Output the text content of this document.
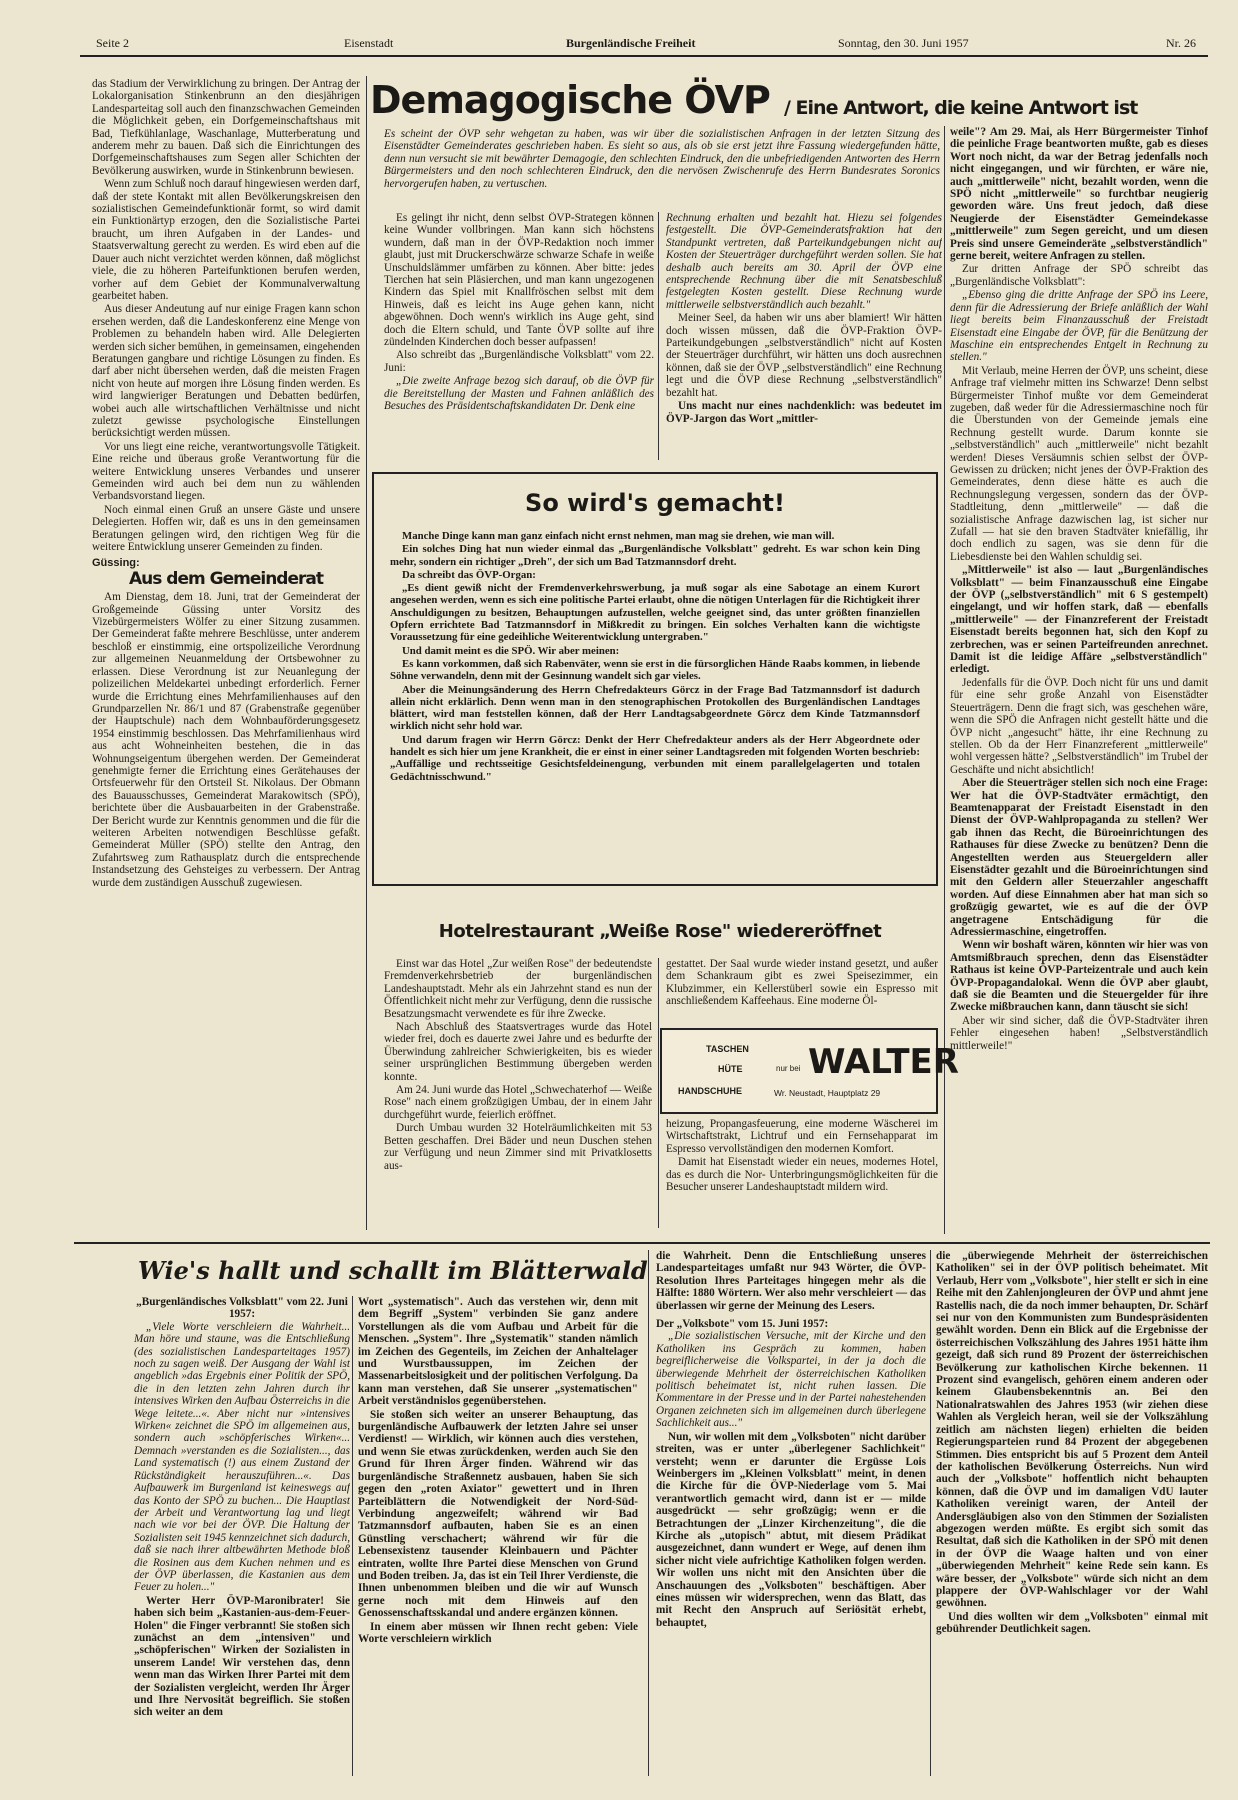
Seite 2	Eisenstadt	Burgenländische Freiheit	Sonntag, den 30. Juni 1957	Nr. 26

das Stadium der Verwirklichung zu bringen. Der Antrag der Lokalorganisation Stinkenbrunn an den diesjährigen Landesparteitag soll auch den finanzschwachen Gemeinden die Möglichkeit geben, ein Dorfgemeinschaftshaus mit Bad, Tiefkühlanlage, Waschanlage, Mutterberatung und anderem mehr zu bauen. Daß sich die Einrichtungen des Dorfgemeinschaftshauses zum Segen aller Schichten der Bevölkerung auswirken, wurde in Stinkenbrunn bewiesen.

Wenn zum Schluß noch darauf hingewiesen werden darf, daß der stete Kontakt mit allen Bevölkerungskreisen den sozialistischen Gemeindefunktionär formt, so wird damit ein Funktionärtyp erzogen, den die Sozialistische Partei braucht, um ihren Aufgaben in der Landes- und Staatsverwaltung gerecht zu werden. Es wird eben auf die Dauer auch nicht verzichtet werden können, daß möglichst viele, die zu höheren Parteifunktionen berufen werden, vorher auf dem Gebiet der Kommunalverwaltung gearbeitet haben.

Aus dieser Andeutung auf nur einige Fragen kann schon ersehen werden, daß die Landeskonferenz eine Menge von Problemen zu behandeln haben wird. Alle Delegierten werden sich sicher bemühen, in gemeinsamen, eingehenden Beratungen gangbare und richtige Lösungen zu finden. Es darf aber nicht übersehen werden, daß die meisten Fragen nicht von heute auf morgen ihre Lösung finden werden. Es wird langwieriger Beratungen und Debatten bedürfen, wobei auch alle wirtschaftlichen Verhältnisse und nicht zuletzt gewisse psychologische Einstellungen berücksichtigt werden müssen.

Vor uns liegt eine reiche, verantwortungsvolle Tätigkeit. Eine reiche und überaus große Verantwortung für die weitere Entwicklung unseres Verbandes und unserer Gemeinden wird auch bei dem nun zu wählenden Verbandsvorstand liegen.

Noch einmal einen Gruß an unsere Gäste und unsere Delegierten. Hoffen wir, daß es uns in den gemeinsamen Beratungen gelingen wird, den richtigen Weg für die weitere Entwicklung unserer Gemeinden zu finden.

Güssing:
Aus dem Gemeinderat

Am Dienstag, dem 18. Juni, trat der Gemeinderat der Großgemeinde Güssing unter Vorsitz des Vizebürgermeisters Wölfer zu einer Sitzung zusammen. Der Gemeinderat faßte mehrere Beschlüsse, unter anderem beschloß er einstimmig, eine ortspolizeiliche Verordnung zur allgemeinen Neuanmeldung der Ortsbewohner zu erlassen. Diese Verordnung ist zur Neuanlegung der polizeilichen Meldekartei unbedingt erforderlich. Ferner wurde die Errichtung eines Mehrfamilienhauses auf den Grundparzellen Nr. 86/1 und 87 (Grabenstraße gegenüber der Hauptschule) nach dem Wohnbauförderungsgesetz 1954 einstimmig beschlossen. Das Mehrfamilienhaus wird aus acht Wohneinheiten bestehen, die in das Wohnungseigentum übergehen werden. Der Gemeinderat genehmigte ferner die Errichtung eines Gerätehauses der Ortsfeuerwehr für den Ortsteil St. Nikolaus. Der Obmann des Bauausschusses, Gemeinderat Marakowitsch (SPÖ), berichtete über die Ausbauarbeiten in der Grabenstraße. Der Bericht wurde zur Kenntnis genommen und die für die weiteren Arbeiten notwendigen Beschlüsse gefaßt. Gemeinderat Müller (SPÖ) stellte den Antrag, den Zufahrtsweg zum Rathausplatz durch die entsprechende Instandsetzung des Gehsteiges zu verbessern. Der Antrag wurde dem zuständigen Ausschuß zugewiesen.

Demagogische ÖVP / Eine Antwort, die keine Antwort ist
Es scheint der ÖVP sehr wehgetan zu haben, was wir über die sozialistischen Anfragen in der letzten Sitzung des Eisenstädter Gemeinderates geschrieben haben. Es sieht so aus, als ob sie erst jetzt ihre Fassung wiedergefunden hätte, denn nun versucht sie mit bewährter Demagogie, den schlechten Eindruck, den die unbefriedigenden Antworten des Herrn Bürgermeisters und den noch schlechteren Eindruck, den die nervösen Zwischenrufe des Herrn Bundesrates Soronics hervorgerufen haben, zu vertuschen.

Es gelingt ihr nicht, denn selbst ÖVP-Strategen können keine Wunder vollbringen. Man kann sich höchstens wundern, daß man in der ÖVP-Redaktion noch immer glaubt, just mit Druckerschwärze schwarze Schafe in weiße Unschuldslämmer umfärben zu können. Aber bitte: jedes Tierchen hat sein Pläsierchen, und man kann ungezogenen Kindern das Spiel mit Knallfröschen selbst mit dem Hinweis, daß es leicht ins Auge gehen kann, nicht abgewöhnen. Doch wenn's wirklich ins Auge geht, sind doch die Eltern schuld, und Tante ÖVP sollte auf ihre zündelnden Kinderchen doch besser aufpassen!

Also schreibt das „Burgenländische Volksblatt" vom 22. Juni:

„Die zweite Anfrage bezog sich darauf, ob die ÖVP für die Bereitstellung der Masten und Fahnen anläßlich des Besuches des Präsidentschaftskandidaten Dr. Denk eine

Rechnung erhalten und bezahlt hat. Hiezu sei folgendes festgestellt. Die ÖVP-Gemeinderatsfraktion hat den Standpunkt vertreten, daß Parteikundgebungen nicht auf Kosten der Steuerträger durchgeführt werden sollen. Sie hat deshalb auch bereits am 30. April der ÖVP eine entsprechende Rechnung über die mit Senatsbeschluß festgelegten Kosten gestellt. Diese Rechnung wurde mittlerweile selbstverständlich auch bezahlt."

Meiner Seel, da haben wir uns aber blamiert! Wir hätten doch wissen müssen, daß die ÖVP-Fraktion ÖVP-Parteikundgebungen „selbstverständlich" nicht auf Kosten der Steuerträger durchführt, wir hätten uns doch ausrechnen können, daß sie der ÖVP „selbstverständlich" eine Rechnung legt und die ÖVP diese Rechnung „selbstverständlich" bezahlt hat.

Uns macht nur eines nachdenklich: was bedeutet im ÖVP-Jargon das Wort „mittler-

weile"? Am 29. Mai, als Herr Bürgermeister Tinhof die peinliche Frage beantworten mußte, gab es dieses Wort noch nicht, da war der Betrag jedenfalls noch nicht eingegangen, und wir fürchten, er wäre nie, auch „mittlerweile" nicht, bezahlt worden, wenn die SPÖ nicht „mittlerweile" so furchtbar neugierig geworden wäre. Uns freut jedoch, daß diese Neugierde der Eisenstädter Gemeindekasse „mittlerweile" zum Segen gereicht, und um diesen Preis sind unsere Gemeinderäte „selbstverständlich" gerne bereit, weitere Anfragen zu stellen.

Zur dritten Anfrage der SPÖ schreibt das „Burgenländische Volksblatt":

„Ebenso ging die dritte Anfrage der SPÖ ins Leere, denn für die Adressierung der Briefe anläßlich der Wahl liegt bereits beim Finanzausschuß der Freistadt Eisenstadt eine Eingabe der ÖVP, für die Benützung der Maschine ein entsprechendes Entgelt in Rechnung zu stellen."

Mit Verlaub, meine Herren der ÖVP, uns scheint, diese Anfrage traf vielmehr mitten ins Schwarze! Denn selbst Bürgermeister Tinhof mußte vor dem Gemeinderat zugeben, daß weder für die Adressiermaschine noch für die Überstunden von der Gemeinde jemals eine Rechnung gestellt wurde. Darum konnte sie „selbstverständlich" auch „mittlerweile" nicht bezahlt werden! Dieses Versäumnis schien selbst der ÖVP-Gewissen zu drücken; nicht jenes der ÖVP-Fraktion des Gemeinderates, denn diese hätte es auch die Rechnungslegung vergessen, sondern das der ÖVP-Stadtleitung, denn „mittlerweile" — daß die sozialistische Anfrage dazwischen lag, ist sicher nur Zufall — hat sie den braven Stadtväter kniefällig, ihr doch endlich zu sagen, was sie denn für die Liebesdienste bei den Wahlen schuldig sei.

„Mittlerweile" ist also — laut „Burgenländisches Volksblatt" — beim Finanzausschuß eine Eingabe der ÖVP („selbstverständlich" mit 6 S gestempelt) eingelangt, und wir hoffen stark, daß — ebenfalls „mittlerweile" — der Finanzreferent der Freistadt Eisenstadt bereits begonnen hat, sich den Kopf zu zerbrechen, was er seinen Parteifreunden anrechnet. Damit ist die leidige Affäre „selbstverständlich" erledigt.

Jedenfalls für die ÖVP. Doch nicht für uns und damit für eine sehr große Anzahl von Eisenstädter Steuerträgern. Denn die fragt sich, was geschehen wäre, wenn die SPÖ die Anfragen nicht gestellt hätte und die ÖVP nicht „angesucht" hätte, ihr eine Rechnung zu stellen. Ob da der Herr Finanzreferent „mittlerweile" wohl vergessen hätte? „Selbstverständlich" im Trubel der Geschäfte und nicht absichtlich!

Aber die Steuerträger stellen sich noch eine Frage: Wer hat die ÖVP-Stadtväter ermächtigt, den Beamtenapparat der Freistadt Eisenstadt in den Dienst der ÖVP-Wahlpropaganda zu stellen? Wer gab ihnen das Recht, die Büroeinrichtungen des Rathauses für diese Zwecke zu benützen? Denn die Angestellten werden aus Steuergeldern aller Eisenstädter gezahlt und die Büroeinrichtungen sind mit den Geldern aller Steuerzahler angeschafft worden. Auf diese Einnahmen aber hat man sich so großzügig gewartet, wie es auf die der ÖVP angetragene Entschädigung für die Adressiermaschine, eingetroffen.

Wenn wir boshaft wären, könnten wir hier was von Amtsmißbrauch sprechen, denn das Eisenstädter Rathaus ist keine ÖVP-Parteizentrale und auch kein ÖVP-Propagandalokal. Wenn die ÖVP aber glaubt, daß sie die Beamten und die Steuergelder für ihre Zwecke mißbrauchen kann, dann täuscht sie sich!

Aber wir sind sicher, daß die ÖVP-Stadtväter ihren Fehler eingesehen haben! „Selbstverständlich mittlerweile!"

So wird's gemacht!

Manche Dinge kann man ganz einfach nicht ernst nehmen, man mag sie drehen, wie man will.

Ein solches Ding hat nun wieder einmal das „Burgenländische Volksblatt" gedreht. Es war schon kein Ding mehr, sondern ein richtiger „Dreh", der sich um Bad Tatzmannsdorf dreht.

Da schreibt das ÖVP-Organ:

„Es dient gewiß nicht der Fremdenverkehrswerbung, ja muß sogar als eine Sabotage an einem Kurort angesehen werden, wenn es sich eine politische Partei erlaubt, ohne die nötigen Unterlagen für die Richtigkeit ihrer Anschuldigungen zu besitzen, Behauptungen aufzustellen, welche geeignet sind, das unter größten finanziellen Opfern errichtete Bad Tatzmannsdorf in Mißkredit zu bringen. Ein solches Verhalten kann die wichtigste Voraussetzung für eine gedeihliche Weiterentwicklung untergraben."

Und damit meint es die SPÖ. Wir aber meinen:

Es kann vorkommen, daß sich Rabenväter, wenn sie erst in die fürsorglichen Hände Raabs kommen, in liebende Söhne verwandeln, denn mit der Gesinnung wandelt sich gar vieles.

Aber die Meinungsänderung des Herrn Chefredakteurs Görcz in der Frage Bad Tatzmannsdorf ist dadurch allein nicht erklärlich. Denn wenn man in den stenographischen Protokollen des Burgenländischen Landtages blättert, wird man feststellen können, daß der Herr Landtagsabgeordnete Görcz dem Kinde Tatzmannsdorf wirklich nicht sehr hold war.

Und darum fragen wir Herrn Görcz: Denkt der Herr Chefredakteur anders als der Herr Abgeordnete oder handelt es sich hier um jene Krankheit, die er einst in einer seiner Landtagsreden mit folgenden Worten beschrieb: „Auffällige und rechtsseitige Gesichtsfeldeinengung, verbunden mit einem parallelgelagerten und totalen Gedächtnisschwund."

Hotelrestaurant „Weiße Rose" wiedereröffnet

Einst war das Hotel „Zur weißen Rose" der bedeutendste Fremdenverkehrsbetrieb der burgenländischen Landeshauptstadt. Mehr als ein Jahrzehnt stand es nun der Öffentlichkeit nicht mehr zur Verfügung, denn die russische Besatzungsmacht verwendete es für ihre Zwecke.

Nach Abschluß des Staatsvertrages wurde das Hotel wieder frei, doch es dauerte zwei Jahre und es bedurfte der Überwindung zahlreicher Schwierigkeiten, bis es wieder seiner ursprünglichen Bestimmung übergeben werden konnte.

Am 24. Juni wurde das Hotel „Schwechaterhof — Weiße Rose" nach einem großzügigen Umbau, der in einem Jahr durchgeführt wurde, feierlich eröffnet.

Durch Umbau wurden 32 Hotelräumlichkeiten mit 53 Betten geschaffen. Drei Bäder und neun Duschen stehen zur Verfügung und neun Zimmer sind mit Privatklosetts aus-

gestattet. Der Saal wurde wieder instand gesetzt, und außer dem Schankraum gibt es zwei Speisezimmer, ein Klubzimmer, ein Kellerstüberl sowie ein Espresso mit anschließendem Kaffeehaus. Eine moderne Öl-

TASCHEN
HÜTE
HANDSCHUHE
nur bei WALTER
Wr. Neustadt, Hauptplatz 29

heizung, Propangasfeuerung, eine moderne Wäscherei im Wirtschaftstrakt, Lichtruf und ein Fernsehapparat im Espresso vervollständigen den modernen Komfort.

Damit hat Eisenstadt wieder ein neues, modernes Hotel, das es durch die Nor- Unterbringungsmöglichkeiten für die Besucher unserer Landeshauptstadt mildern wird.

Wie's hallt und schallt im Blätterwald
„Burgenländisches Volksblatt" vom 22. Juni 1957:

„Viele Worte verschleiern die Wahrheit... Man höre und staune, was die Entschließung (des sozialistischen Landesparteitages 1957) noch zu sagen weiß. Der Ausgang der Wahl ist angeblich »das Ergebnis einer Politik der SPÖ, die in den letzten zehn Jahren durch ihr intensives Wirken den Aufbau Österreichs in die Wege leitete...«. Aber nicht nur »intensives Wirken« zeichnet die SPÖ im allgemeinen aus, sondern auch »schöpferisches Wirken«... Demnach »verstanden es die Sozialisten..., das Land systematisch (!) aus einem Zustand der Rückständigkeit herauszuführen...«. Das Aufbauwerk im Burgenland ist keineswegs auf das Konto der SPÖ zu buchen... Die Hauptlast der Arbeit und Verantwortung lag und liegt nach wie vor bei der ÖVP. Die Haltung der Sozialisten seit 1945 kennzeichnet sich dadurch, daß sie nach ihrer altbewährten Methode bloß die Rosinen aus dem Kuchen nehmen und es der ÖVP überlassen, die Kastanien aus dem Feuer zu holen..."

Werter Herr ÖVP-Maronibrater! Sie haben sich beim „Kastanien-aus-dem-Feuer-Holen" die Finger verbrannt! Sie stoßen sich zunächst an dem „intensiven" und „schöpferischen" Wirken der Sozialisten in unserem Lande! Wir verstehen das, denn wenn man das Wirken Ihrer Partei mit dem der Sozialisten vergleicht, werden Ihr Ärger und Ihre Nervosität begreiflich. Sie stoßen sich weiter an dem

Wort „systematisch". Auch das verstehen wir, denn mit dem Begriff „System" verbinden Sie ganz andere Vorstellungen als die vom Aufbau und Arbeit für die Menschen. „System". Ihre „Systematik" standen nämlich im Zeichen des Gegenteils, im Zeichen der Anhaltelager und Wurstbaussuppen, im Zeichen der Massenarbeitslosigkeit und der politischen Verfolgung. Da kann man verstehen, daß Sie unserer „systematischen" Arbeit verständnislos gegenüberstehen.

Sie stoßen sich weiter an unserer Behauptung, das burgenländische Aufbauwerk der letzten Jahre sei unser Verdienst! — Wirklich, wir können auch dies verstehen, und wenn Sie etwas zurückdenken, werden auch Sie den Grund für Ihren Ärger finden. Während wir das burgenländische Straßennetz ausbauen, haben Sie sich gegen den „roten Axiator" gewettert und in Ihren Parteiblättern die Notwendigkeit der Nord-Süd-Verbindung angezweifelt; während wir Bad Tatzmannsdorf aufbauten, haben Sie es an einen Günstling verschachert; während wir für die Lebensexistenz tausender Kleinbauern und Pächter eintraten, wollte Ihre Partei diese Menschen von Grund und Boden treiben. Ja, das ist ein Teil Ihrer Verdienste, die Ihnen unbenommen bleiben und die wir auf Wunsch gerne noch mit dem Hinweis auf den Genossenschaftsskandal und andere ergänzen können.

In einem aber müssen wir Ihnen recht geben: Viele Worte verschleiern wirklich

die Wahrheit. Denn die Entschließung unseres Landesparteitages umfaßt nur 943 Wörter, die ÖVP-Resolution Ihres Parteitages hingegen mehr als die Hälfte: 1880 Wörtern. Wer also mehr verschleiert — das überlassen wir gerne der Meinung des Lesers.

Der „Volksbote" vom 15. Juni 1957:

„Die sozialistischen Versuche, mit der Kirche und den Katholiken ins Gespräch zu kommen, haben begreiflicherweise die Volkspartei, in der ja doch die überwiegende Mehrheit der österreichischen Katholiken politisch beheimatet ist, nicht ruhen lassen. Die Kommentare in der Presse und in der Partei nahestehenden Organen zeichneten sich im allgemeinen durch überlegene Sachlichkeit aus..."

Nun, wir wollen mit dem „Volksboten" nicht darüber streiten, was er unter „überlegener Sachlichkeit" versteht; wenn er darunter die Ergüsse Lois Weinbergers im „Kleinen Volksblatt" meint, in denen die Kirche für die ÖVP-Niederlage vom 5. Mai verantwortlich gemacht wird, dann ist er — milde ausgedrückt — sehr großzügig; wenn er die Betrachtungen der „Linzer Kirchenzeitung", die die Kirche als „utopisch" abtut, mit diesem Prädikat ausgezeichnet, dann wundert er Wege, auf denen ihm sicher nicht viele aufrichtige Katholiken folgen werden. Wir wollen uns nicht mit den Ansichten über die Anschauungen des „Volksboten" beschäftigen. Aber eines müssen wir widersprechen, wenn das Blatt, das mit Recht den Anspruch auf Seriösität erhebt, behauptet,

die „überwiegende Mehrheit der österreichischen Katholiken" sei in der ÖVP politisch beheimatet. Mit Verlaub, Herr vom „Volksbote", hier stellt er sich in eine Reihe mit den Zahlenjongleuren der ÖVP und ahmt jene Rastellis nach, die da noch immer behaupten, Dr. Schärf sei nur von den Kommunisten zum Bundespräsidenten gewählt worden. Denn ein Blick auf die Ergebnisse der österreichischen Volkszählung des Jahres 1951 hätte ihm gezeigt, daß sich rund 89 Prozent der österreichischen Bevölkerung zur katholischen Kirche bekennen. 11 Prozent sind evangelisch, gehören einem anderen oder keinem Glaubensbekenntnis an. Bei den Nationalratswahlen des Jahres 1953 (wir ziehen diese Wahlen als Vergleich heran, weil sie der Volkszählung zeitlich am nächsten liegen) erhielten die beiden Regierungsparteien rund 84 Prozent der abgegebenen Stimmen. Dies entspricht bis auf 5 Prozent dem Anteil der katholischen Bevölkerung Österreichs. Nun wird auch der „Volksbote" hoffentlich nicht behaupten können, daß die ÖVP und im damaligen VdU lauter Katholiken vereinigt waren, der Anteil der Andersgläubigen also von den Stimmen der Sozialisten abgezogen werden müßte. Es ergibt sich somit das Resultat, daß sich die Katholiken in der SPÖ mit denen in der ÖVP die Waage halten und von einer „überwiegenden Mehrheit" keine Rede sein kann. Es wäre besser, der „Volksbote" würde sich nicht an dem plappere der ÖVP-Wahlschlager vor der Wahl gewöhnen.

Und dies wollten wir dem „Volksboten" einmal mit gebührender Deutlichkeit sagen.
